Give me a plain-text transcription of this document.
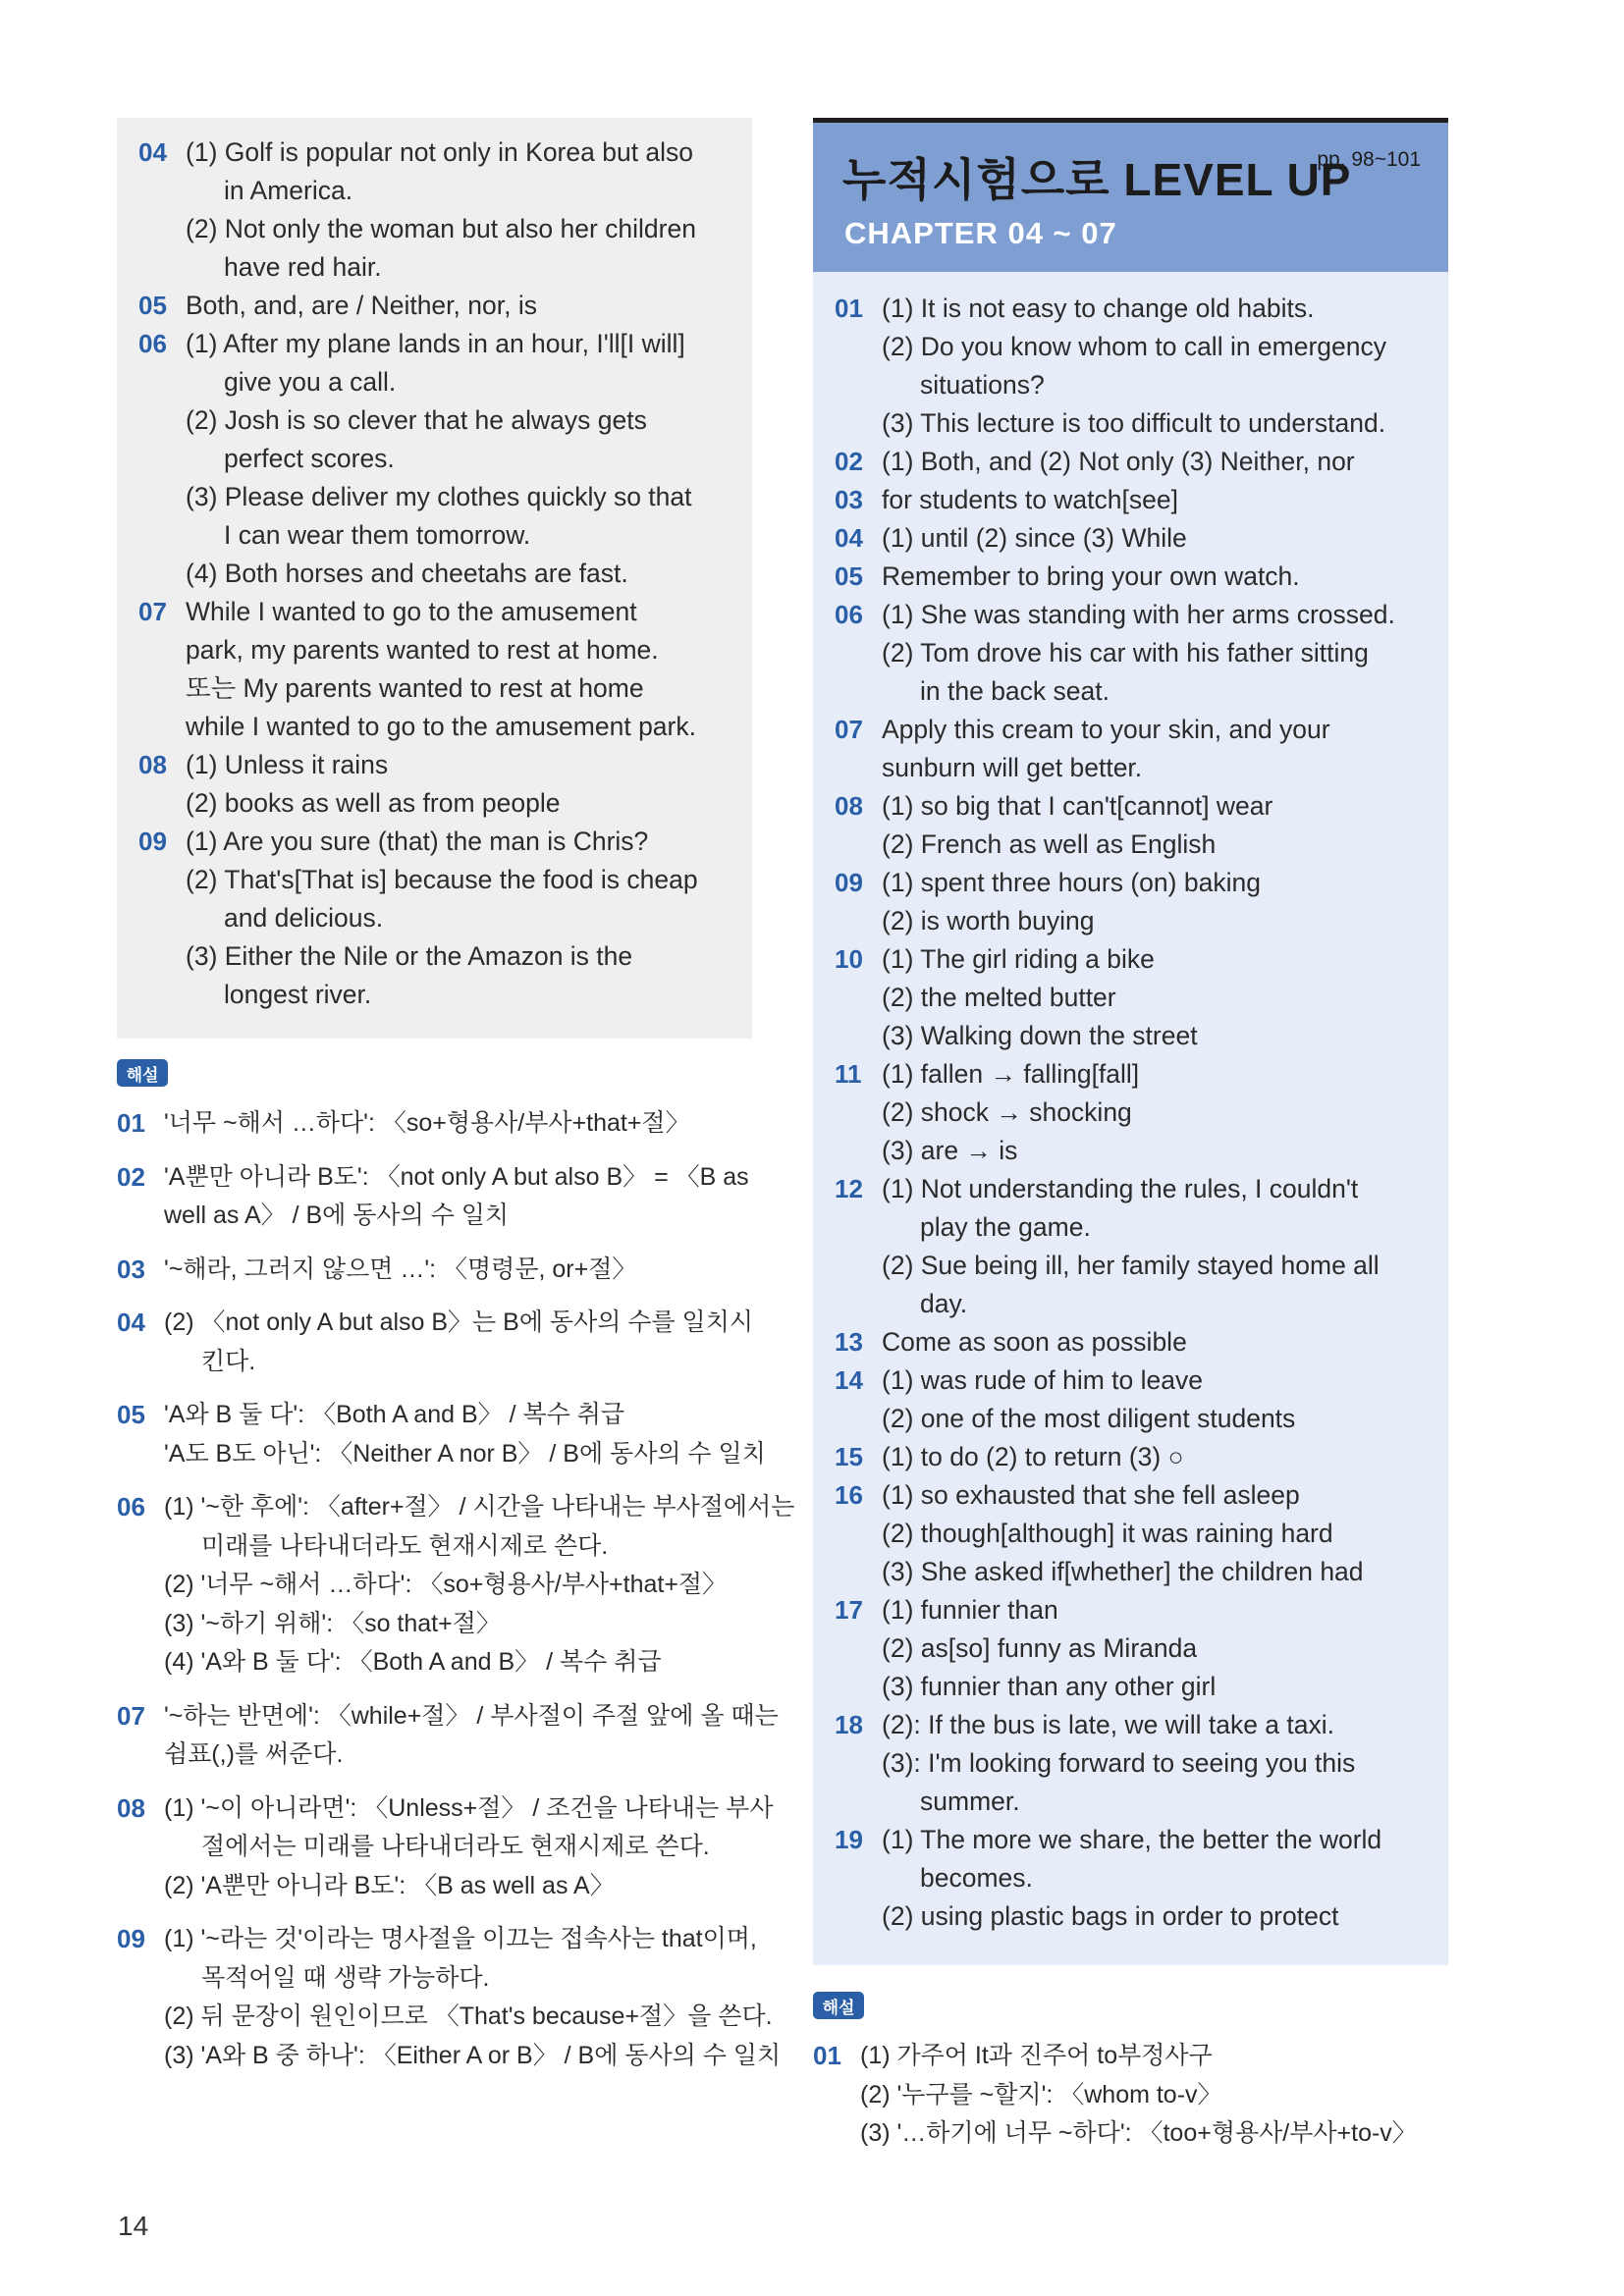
04 (1) Golf is popular not only in Korea but also
in America.
(2) Not only the woman but also her children
have red hair.
05 Both, and, are / Neither, nor, is
06 (1) After my plane lands in an hour, I'll[I will]
give you a call.
(2) Josh is so clever that he always gets
perfect scores.
(3) Please deliver my clothes quickly so that
I can wear them tomorrow.
(4) Both horses and cheetahs are fast.
07 While I wanted to go to the amusement
park, my parents wanted to rest at home.
또는 My parents wanted to rest at home
while I wanted to go to the amusement park.
08 (1) Unless it rains
(2) books as well as from people
09 (1) Are you sure (that) the man is Chris?
(2) That's[That is] because the food is cheap
and delicious.
(3) Either the Nile or the Amazon is the
longest river.
해설
01 '너무 ~해서 …하다': 〈so+형용사/부사+that+절〉
02 'A뿐만 아니라 B도': 〈not only A but also B〉 = 〈B as
well as A〉 / B에 동사의 수 일치
03 '~해라, 그러지 않으면 …': 〈명령문, or+절〉
04 (2) 〈not only A but also B〉는 B에 동사의 수를 일치시
킨다.
05 'A와 B 둘 다': 〈Both A and B〉 / 복수 취급
'A도 B도 아닌': 〈Neither A nor B〉 / B에 동사의 수 일치
06 (1) '~한 후에': 〈after+절〉 / 시간을 나타내는 부사절에서는
미래를 나타내더라도 현재시제로 쓴다.
(2) '너무 ~해서 …하다': 〈so+형용사/부사+that+절〉
(3) '~하기 위해': 〈so that+절〉
(4) 'A와 B 둘 다': 〈Both A and B〉 / 복수 취급
07 '~하는 반면에': 〈while+절〉 / 부사절이 주절 앞에 올 때는
쉼표(,)를 써준다.
08 (1) '~이 아니라면': 〈Unless+절〉 / 조건을 나타내는 부사
절에서는 미래를 나타내더라도 현재시제로 쓴다.
(2) 'A뿐만 아니라 B도': 〈B as well as A〉
09 (1) '~라는 것'이라는 명사절을 이끄는 접속사는 that이며,
목적어일 때 생략 가능하다.
(2) 뒤 문장이 원인이므로 〈That's because+절〉을 쓴다.
(3) 'A와 B 중 하나': 〈Either A or B〉 / B에 동사의 수 일치
누적시험으로 LEVEL UP
CHAPTER 04 ~ 07
pp. 98~101
01 (1) It is not easy to change old habits.
(2) Do you know whom to call in emergency
situations?
(3) This lecture is too difficult to understand.
02 (1) Both, and (2) Not only (3) Neither, nor
03 for students to watch[see]
04 (1) until (2) since (3) While
05 Remember to bring your own watch.
06 (1) She was standing with her arms crossed.
(2) Tom drove his car with his father sitting
in the back seat.
07 Apply this cream to your skin, and your
sunburn will get better.
08 (1) so big that I can't[cannot] wear
(2) French as well as English
09 (1) spent three hours (on) baking
(2) is worth buying
10 (1) The girl riding a bike
(2) the melted butter
(3) Walking down the street
11 (1) fallen → falling[fall]
(2) shock → shocking
(3) are → is
12 (1) Not understanding the rules, I couldn't
play the game.
(2) Sue being ill, her family stayed home all
day.
13 Come as soon as possible
14 (1) was rude of him to leave
(2) one of the most diligent students
15 (1) to do (2) to return (3) ○
16 (1) so exhausted that she fell asleep
(2) though[although] it was raining hard
(3) She asked if[whether] the children had
17 (1) funnier than
(2) as[so] funny as Miranda
(3) funnier than any other girl
18 (2): If the bus is late, we will take a taxi.
(3): I'm looking forward to seeing you this
summer.
19 (1) The more we share, the better the world
becomes.
(2) using plastic bags in order to protect
해설
01 (1) 가주어 It과 진주어 to부정사구
(2) '누구를 ~할지': 〈whom to-v〉
(3) '…하기에 너무 ~하다': 〈too+형용사/부사+to-v〉
14
